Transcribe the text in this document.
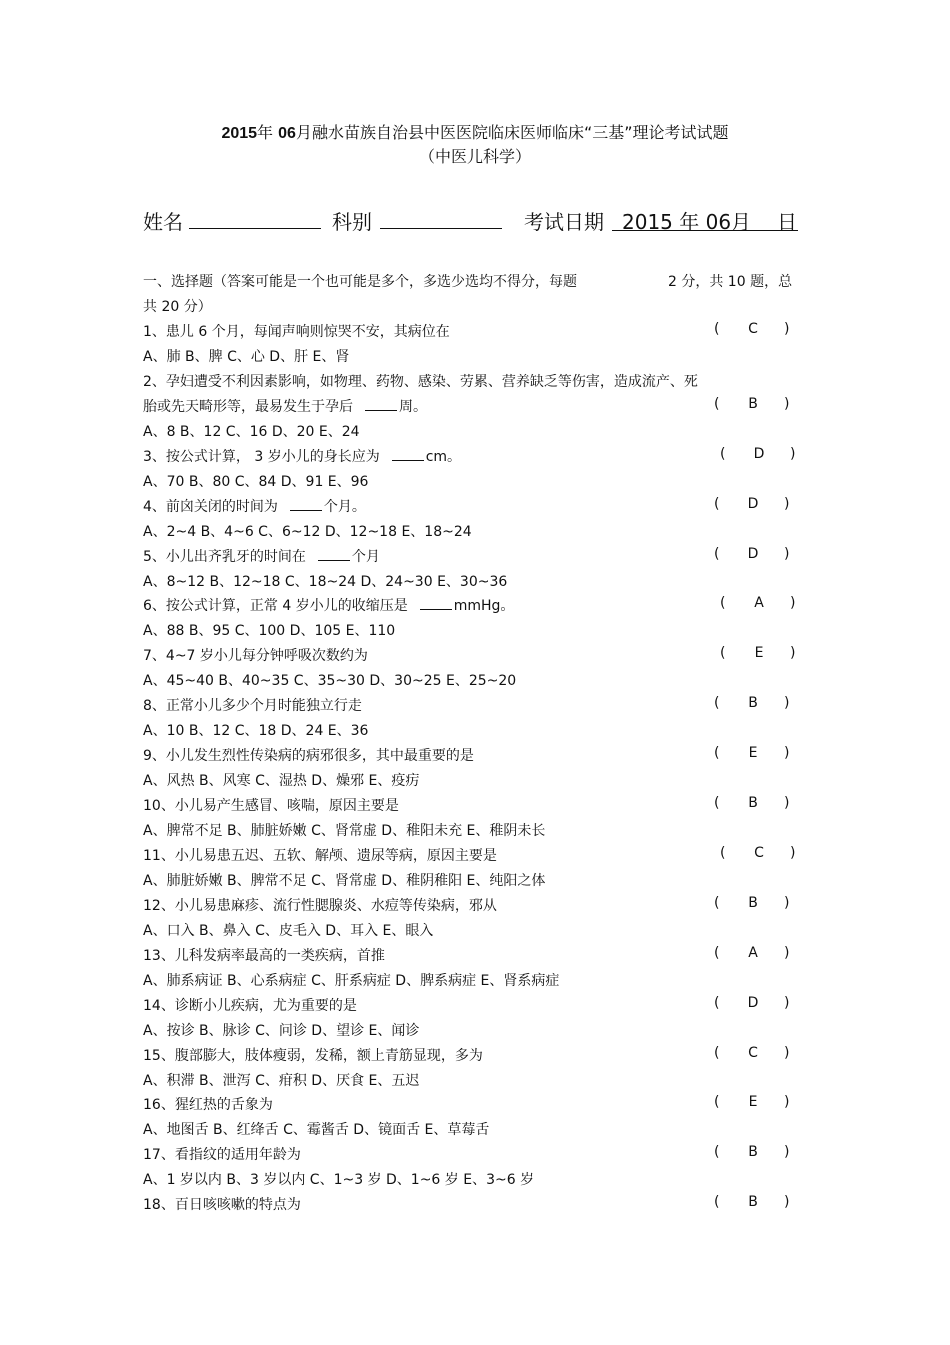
2015年 06月融水苗族自治县中医医院临床医师临床“三基”理论考试试题
（中医儿科学）
姓名	科别	考试日期 2015 年 06月 日
一、选择题（答案可能是一个也可能是多个，多选少选均不得分，每题	2 分，共 10 题，总
共 20 分）
1、患儿 6 个月，每闻声响则惊哭不安，其病位在	(	C	)
A、肺 B、脾 C、心 D、肝 E、肾
2、孕妇遭受不利因素影响，如物理、药物、感染、劳累、营养缺乏等伤害，造成流产、死
胎或先天畸形等，最易发生于孕后	周。	(	B	)
A、8 B、12 C、16 D、20 E、24
3、按公式计算， 3 岁小儿的身长应为	cm。	(	D	)
A、70 B、80 C、84 D、91 E、96
4、前囟关闭的时间为	个月。	(	D	)
A、2~4 B、4~6 C、6~12 D、12~18 E、18~24
5、小儿出齐乳牙的时间在	个月	(	D	)
A、8~12 B、12~18 C、18~24 D、24~30 E、30~36
6、按公式计算，正常 4 岁小儿的收缩压是	mmHg。	(	A	)
A、88 B、95 C、100 D、105 E、110
7、4~7 岁小儿每分钟呼吸次数约为	(	E	)
A、45~40 B、40~35 C、35~30 D、30~25 E、25~20
8、正常小儿多少个月时能独立行走	(	B	)
A、10 B、12 C、18 D、24 E、36
9、小儿发生烈性传染病的病邪很多，其中最重要的是	(	E	)
A、风热 B、风寒 C、湿热 D、燥邪 E、疫疠
10、小儿易产生感冒、咳喘，原因主要是	(	B	)
A、脾常不足 B、肺脏娇嫩 C、肾常虚 D、稚阳未充 E、稚阴未长
11、小儿易患五迟、五软、解颅、遗尿等病，原因主要是	(	C	)
A、肺脏娇嫩 B、脾常不足 C、肾常虚 D、稚阴稚阳 E、纯阳之体
12、小儿易患麻疹、流行性腮腺炎、水痘等传染病，邪从	(	B	)
A、口入 B、鼻入 C、皮毛入 D、耳入 E、眼入
13、儿科发病率最高的一类疾病，首推	(	A	)
A、肺系病证 B、心系病症 C、肝系病症 D、脾系病症 E、肾系病症
14、诊断小儿疾病，尤为重要的是	(	D	)
A、按诊 B、脉诊 C、问诊 D、望诊 E、闻诊
15、腹部膨大，肢体瘦弱，发稀，额上青筋显现，多为	(	C	)
A、积滞 B、泄泻 C、疳积 D、厌食 E、五迟
16、猩红热的舌象为	(	E	)
A、地图舌 B、红绛舌 C、霉酱舌 D、镜面舌 E、草莓舌
17、看指纹的适用年龄为	(	B	)
A、1 岁以内 B、3 岁以内 C、1~3 岁 D、1~6 岁 E、3~6 岁
18、百日咳咳嗽的特点为	(	B	)
